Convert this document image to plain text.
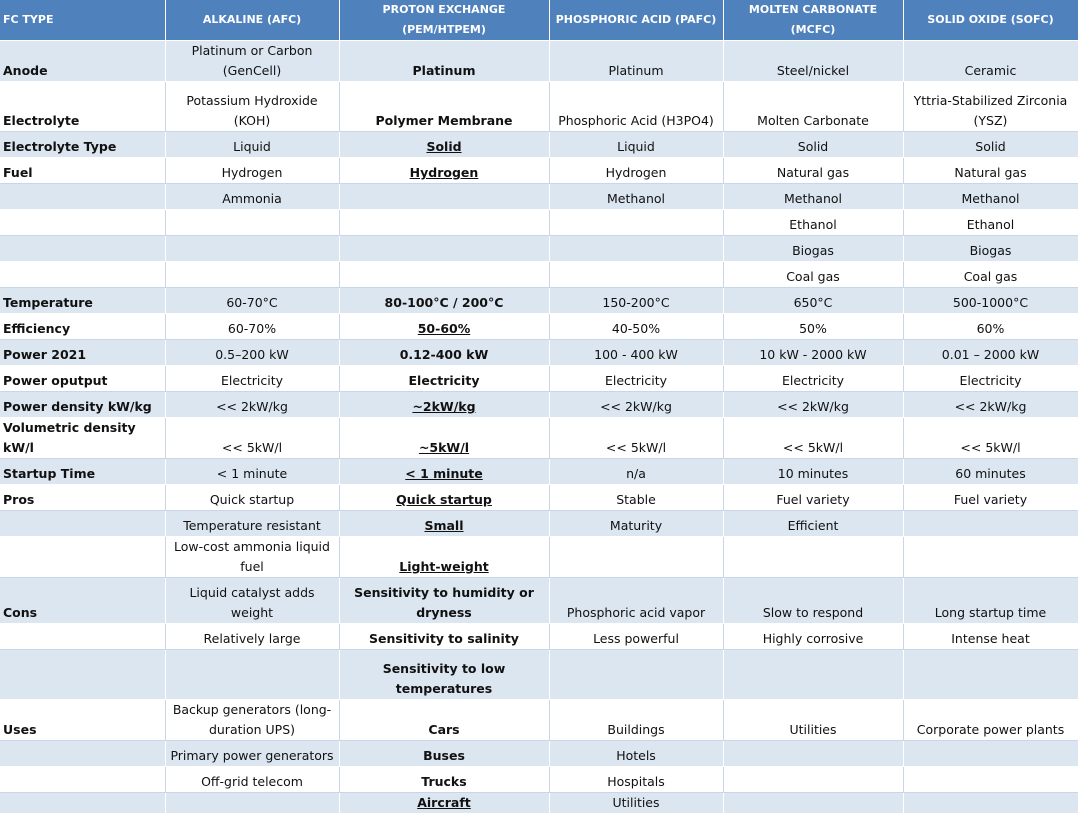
FC TYPE	ALKALINE (AFC)	PROTON EXCHANGE (PEM/HTPEM)	PHOSPHORIC ACID (PAFC)	MOLTEN CARBONATE (MCFC)	SOLID OXIDE (SOFC)
Anode	Platinum or Carbon (GenCell)	Platinum	Platinum	Steel/nickel	Ceramic
Electrolyte	Potassium Hydroxide (KOH)	Polymer Membrane	Phosphoric Acid (H3PO4)	Molten Carbonate	Yttria-Stabilized Zirconia (YSZ)
Electrolyte Type	Liquid	Solid	Liquid	Solid	Solid
Fuel	Hydrogen	Hydrogen	Hydrogen	Natural gas	Natural gas
	Ammonia		Methanol	Methanol	Methanol
				Ethanol	Ethanol
				Biogas	Biogas
				Coal gas	Coal gas
Temperature	60-70°C	80-100°C / 200°C	150-200°C	650°C	500-1000°C
Efficiency	60-70%	50-60%	40-50%	50%	60%
Power 2021	0.5–200 kW	0.12-400 kW	100 - 400 kW	10 kW - 2000 kW	0.01 – 2000 kW
Power oputput	Electricity	Electricity	Electricity	Electricity	Electricity
Power density kW/kg	<< 2kW/kg	~2kW/kg	<< 2kW/kg	<< 2kW/kg	<< 2kW/kg
Volumetric density kW/l	<< 5kW/l	~5kW/l	<< 5kW/l	<< 5kW/l	<< 5kW/l
Startup Time	< 1 minute	< 1 minute	n/a	10 minutes	60 minutes
Pros	Quick startup	Quick startup	Stable	Fuel variety	Fuel variety
	Temperature resistant	Small	Maturity	Efficient	
	Low-cost ammonia liquid fuel	Light-weight			
Cons	Liquid catalyst adds weight	Sensitivity to humidity or dryness	Phosphoric acid vapor	Slow to respond	Long startup time
	Relatively large	Sensitivity to salinity	Less powerful	Highly corrosive	Intense heat
		Sensitivity to low temperatures			
Uses	Backup generators (long-duration UPS)	Cars	Buildings	Utilities	Corporate power plants
	Primary power generators	Buses	Hotels		
	Off-grid telecom	Trucks	Hospitals		
		Aircraft	Utilities		
